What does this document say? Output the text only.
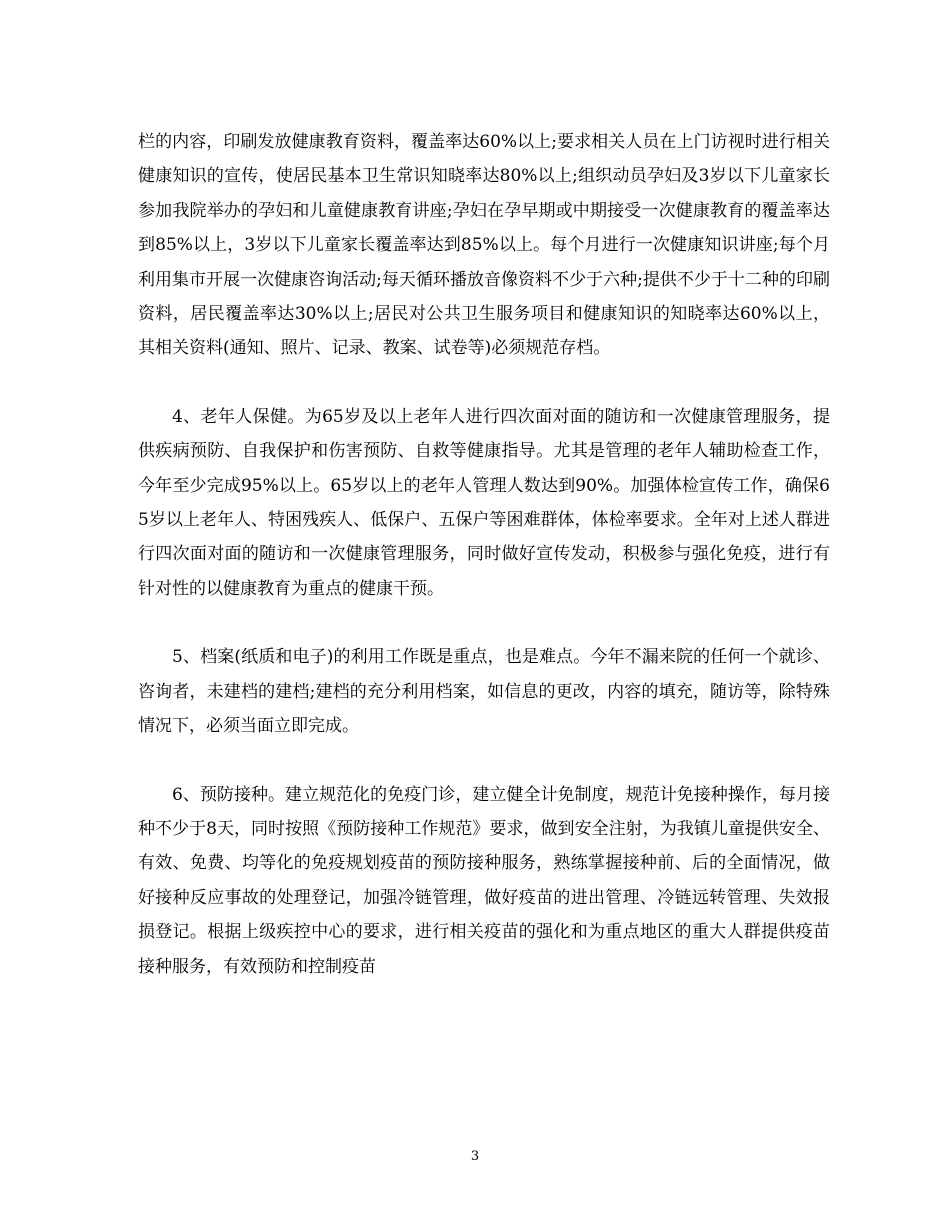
栏的内容，印刷发放健康教育资料，覆盖率达60%以上;要求相关人员在上门访视时进行相关健康知识的宣传，使居民基本卫生常识知晓率达80%以上;组织动员孕妇及3岁以下儿童家长参加我院举办的孕妇和儿童健康教育讲座;孕妇在孕早期或中期接受一次健康教育的覆盖率达到85%以上，3岁以下儿童家长覆盖率达到85%以上。每个月进行一次健康知识讲座;每个月利用集市开展一次健康咨询活动;每天循环播放音像资料不少于六种;提供不少于十二种的印刷资料，居民覆盖率达30%以上;居民对公共卫生服务项目和健康知识的知晓率达60%以上，其相关资料(通知、照片、记录、教案、试卷等)必须规范存档。

4、老年人保健。为65岁及以上老年人进行四次面对面的随访和一次健康管理服务，提供疾病预防、自我保护和伤害预防、自救等健康指导。尤其是管理的老年人辅助检查工作，今年至少完成95%以上。65岁以上的老年人管理人数达到90%。加强体检宣传工作，确保65岁以上老年人、特困残疾人、低保户、五保户等困难群体，体检率要求。全年对上述人群进行四次面对面的随访和一次健康管理服务，同时做好宣传发动，积极参与强化免疫，进行有针对性的以健康教育为重点的健康干预。

5、档案(纸质和电子)的利用工作既是重点，也是难点。今年不漏来院的任何一个就诊、咨询者，未建档的建档;建档的充分利用档案，如信息的更改，内容的填充，随访等，除特殊情况下，必须当面立即完成。

6、预防接种。建立规范化的免疫门诊，建立健全计免制度，规范计免接种操作，每月接种不少于8天，同时按照《预防接种工作规范》要求，做到安全注射，为我镇儿童提供安全、有效、免费、均等化的免疫规划疫苗的预防接种服务，熟练掌握接种前、后的全面情况，做好接种反应事故的处理登记，加强冷链管理，做好疫苗的进出管理、冷链远转管理、失效报损登记。根据上级疾控中心的要求，进行相关疫苗的强化和为重点地区的重大人群提供疫苗接种服务，有效预防和控制疫苗

3
